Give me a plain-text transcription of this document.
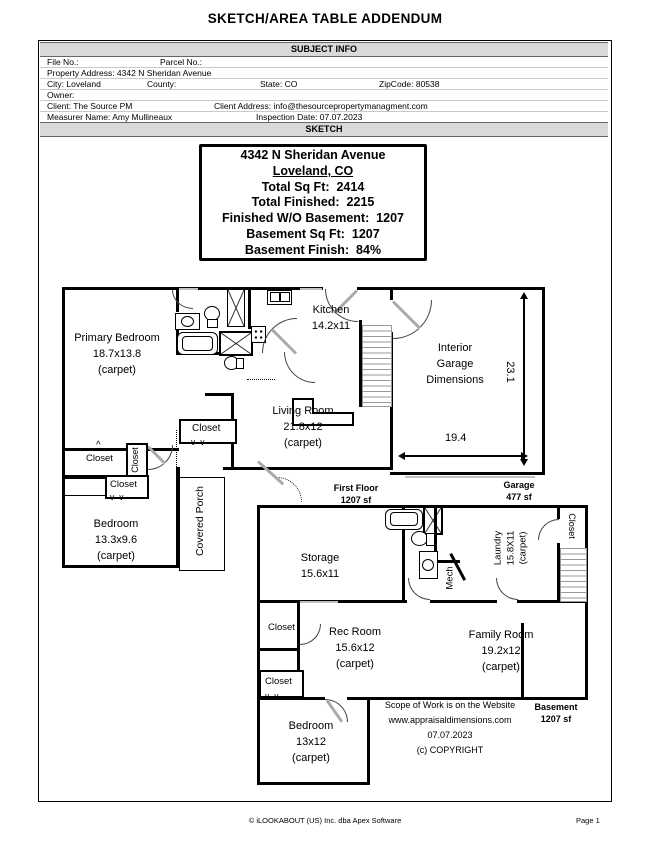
SKETCH/AREA TABLE ADDENDUM
SUBJECT INFO
File No.:	Parcel No.:
Property Address: 4342 N Sheridan Avenue
City: Loveland	County:	State: CO	ZipCode: 80538
Owner:
Client: The Source PM	Client Address: info@thesourcepropertymanagment.com
Measurer Name: Amy Mullineaux	Inspection Date: 07.07.2023
SKETCH
4342 N Sheridan Avenue
Loveland, CO
Total Sq Ft:  2414
Total Finished:  2215
Finished W/O Basement:  1207
Basement Sq Ft:  1207
Basement Finish:  84%
^	∨∨
∨∨
Primary Bedroom
18.7x13.8
(carpet)
Kitchen
14.2x11
Living Room
21.8x12
(carpet)
Bedroom
13.3x9.6
(carpet)
Interior
Garage
Dimensions
19.4
23.1
Closet Closet
Closet
Closet
Covered Porch	First Floor
1207 sf
Garage
477 sf
∨∨
Storage
15.6x11
Laundry 15.8X11 (carpet)
Mech
Closet
Rec Room
15.6x12
(carpet)
Family Room
19.2x12
(carpet)
Closet
Closet
Bedroom
13x12
(carpet)
Scope of Work is on the Website
www.appraisaldimensions.com
07.07.2023
(c) COPYRIGHT
Basement
1207 sf
© iLOOKABOUT (US) Inc. dba Apex Software	Page 1
